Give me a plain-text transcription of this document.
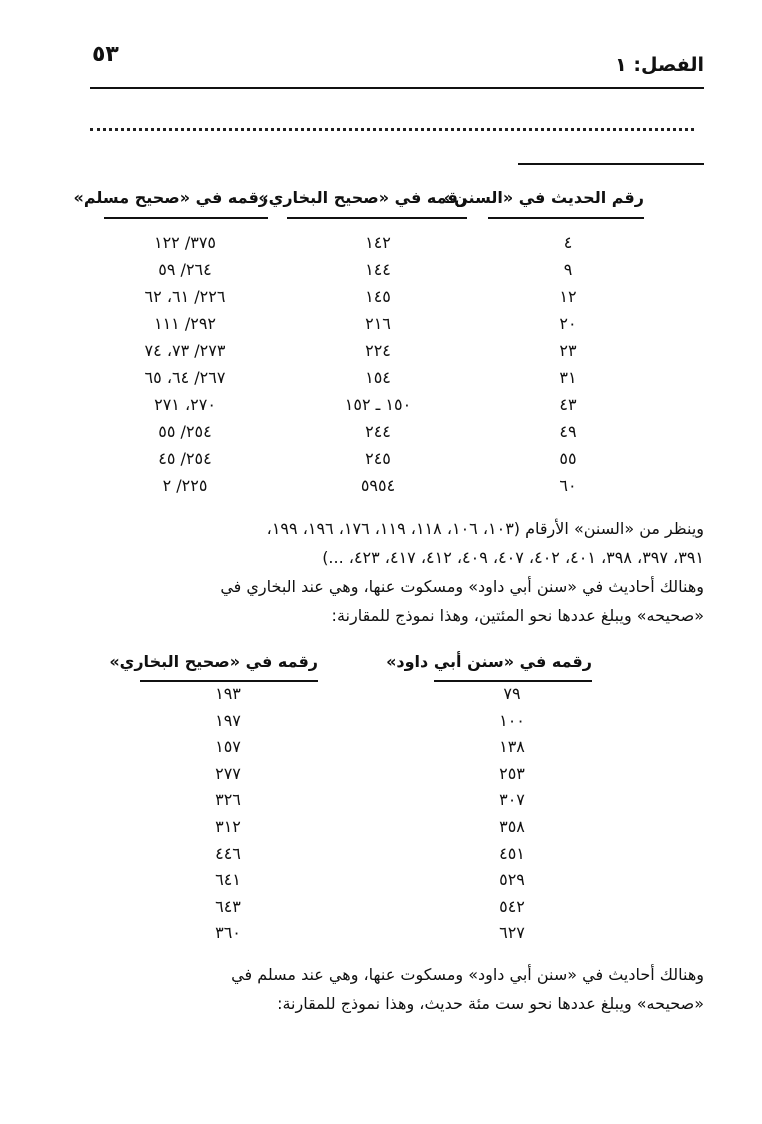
٥٣	الفصل: ١
رقم الحديث في «السنن»
رقمه في «صحيح البخاري»
رقمه في «صحيح مسلم»
٤
٩
١٢
٢٠
٢٣
٣١
٤٣
٤٩
٥٥
٦٠
١٤٢
١٤٤
١٤٥
٢١٦
٢٢٤
١٥٤
١٥٠ ـ ١٥٢
٢٤٤
٢٤٥
٥٩٥٤
٣٧٥/ ١٢٢
٢٦٤/ ٥٩
٢٢٦/ ٦١، ٦٢
٢٩٢/ ١١١
٢٧٣/ ٧٣، ٧٤
٢٦٧/ ٦٤، ٦٥
٢٧٠، ٢٧١
٢٥٤/ ٥٥
٢٥٤/ ٤٥
٢٢٥/ ٢
وينظر من «السنن» الأرقام (١٠٣، ١٠٦، ١١٨، ١١٩، ١٧٦، ١٩٦، ١٩٩،
٣٩١، ٣٩٧، ٣٩٨، ٤٠١، ٤٠٢، ٤٠٧، ٤٠٩، ٤١٢، ٤١٧، ٤٢٣، ...)
وهنالك أحاديث في «سنن أبي داود» ومسكوت عنها، وهي عند البخاري في
«صحيحه» ويبلغ عددها نحو المئتين، وهذا نموذج للمقارنة:
رقمه في «سنن أبي داود»
رقمه في «صحيح البخاري»
٧٩
١٠٠
١٣٨
٢٥٣
٣٠٧
٣٥٨
٤٥١
٥٢٩
٥٤٢
٦٢٧
١٩٣
١٩٧
١٥٧
٢٧٧
٣٢٦
٣١٢
٤٤٦
٦٤١
٦٤٣
٣٦٠
وهنالك أحاديث في «سنن أبي داود» ومسكوت عنها، وهي عند مسلم في
«صحيحه» ويبلغ عددها نحو ست مئة حديث، وهذا نموذج للمقارنة:
